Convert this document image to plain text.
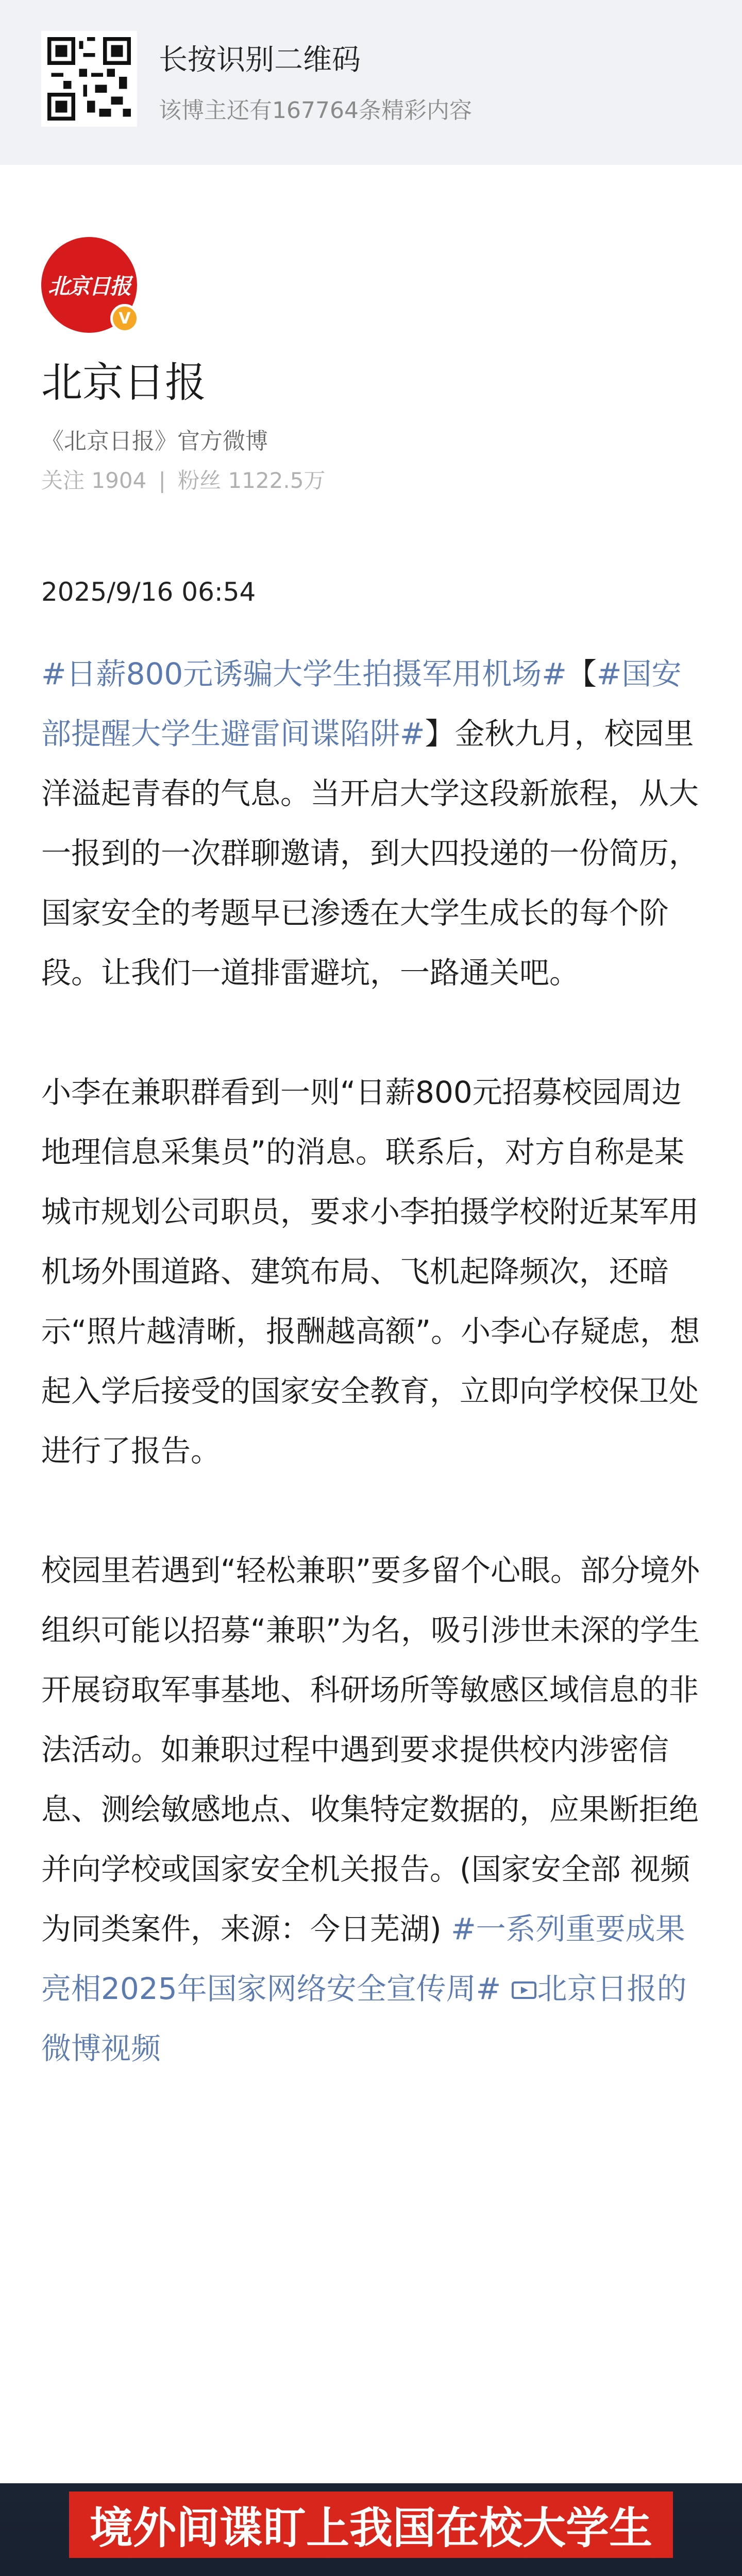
长按识别二维码
该博主还有167764条精彩内容
北京日报
V
北京日报
《北京日报》官方微博
关注 1904 | 粉丝 1122.5万
2025/9/16 06:54

#日薪800元诱骗大学生拍摄军用机场#【#国安部提醒大学生避雷间谍陷阱#】金秋九月，校园里洋溢起青春的气息。当开启大学这段新旅程，从大一报到的一次群聊邀请，到大四投递的一份简历，国家安全的考题早已渗透在大学生成长的每个阶段。让我们一道排雷避坑，一路通关吧。

小李在兼职群看到一则“日薪800元招募校园周边地理信息采集员”的消息。联系后，对方自称是某城市规划公司职员，要求小李拍摄学校附近某军用机场外围道路、建筑布局、飞机起降频次，还暗示“照片越清晰，报酬越高额”。小李心存疑虑，想起入学后接受的国家安全教育，立即向学校保卫处进行了报告。

校园里若遇到“轻松兼职”要多留个心眼。部分境外组织可能以招募“兼职”为名，吸引涉世未深的学生开展窃取军事基地、科研场所等敏感区域信息的非法活动。如兼职过程中遇到要求提供校内涉密信息、测绘敏感地点、收集特定数据的，应果断拒绝并向学校或国家安全机关报告。(国家安全部 视频为同类案件，来源：今日芜湖) #一系列重要成果亮相2025年国家网络安全宣传周# 北京日报的微博视频

境外间谍盯上我国在校大学生
